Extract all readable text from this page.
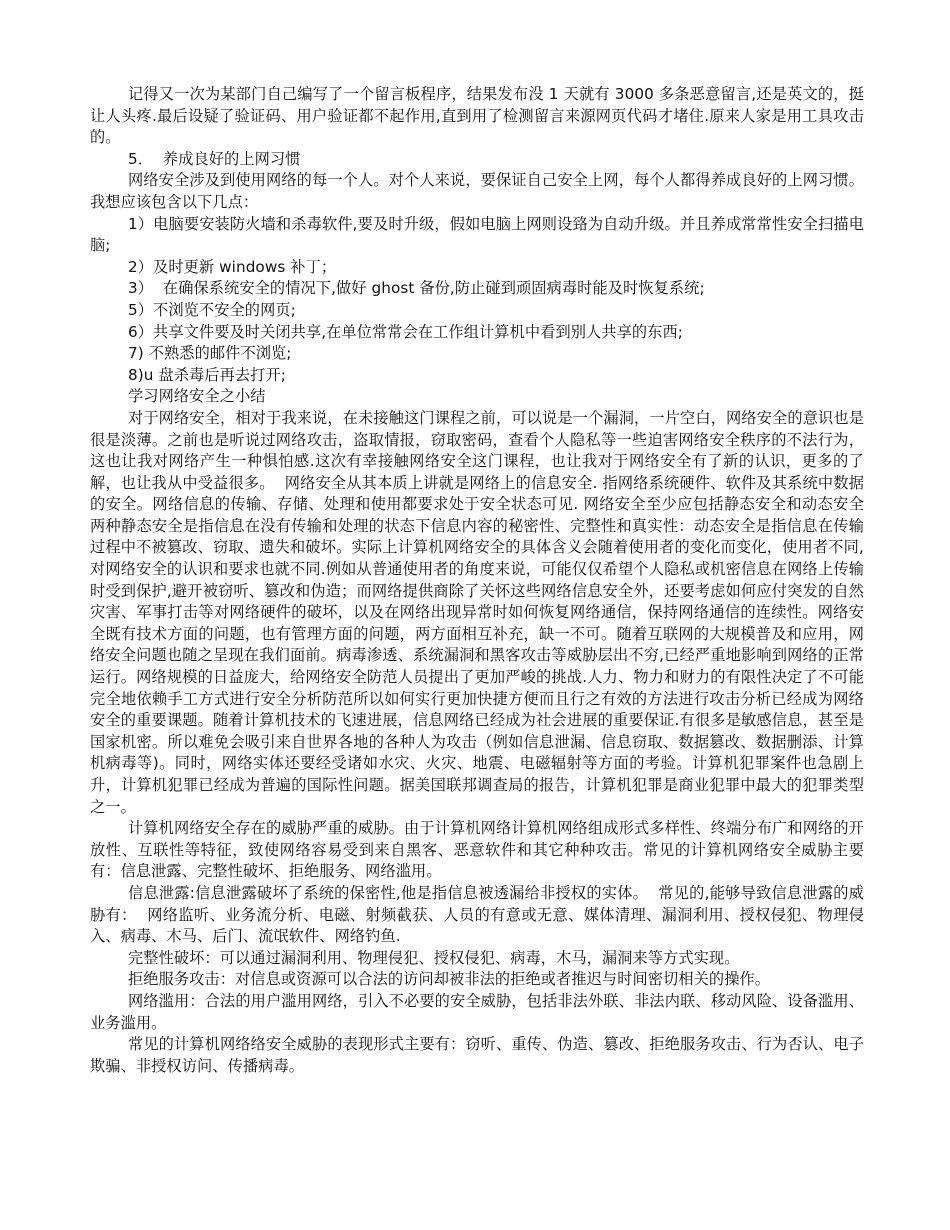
记得又一次为某部门自己编写了一个留言板程序，结果发布没 1 天就有 3000 多条恶意留言,还是英文的，挺让人头疼.最后设疑了验证码、用户验证都不起作用,直到用了检测留言来源网页代码才堵住.原来人家是用工具攻击的。

5．  养成良好的上网习惯

网络安全涉及到使用网络的每一个人。对个人来说，要保证自己安全上网，每个人都得养成良好的上网习惯。我想应该包含以下几点：

1）电脑要安装防火墙和杀毒软件,要及时升级，假如电脑上网则设臵为自动升级。并且养成常常性安全扫描电脑;

2）及时更新 windows 补丁；

3）  在确保系统安全的情况下,做好 ghost 备份,防止碰到顽固病毒时能及时恢复系统;

5）不浏览不安全的网页;

6）共享文件要及时关闭共享,在单位常常会在工作组计算机中看到别人共享的东西;

7) 不熟悉的邮件不浏览;

8)u 盘杀毒后再去打开;

学习网络安全之小结

对于网络安全，相对于我来说，在未接触这门课程之前，可以说是一个漏洞，一片空白，网络安全的意识也是很是淡薄。之前也是听说过网络攻击，盗取情报，窃取密码，查看个人隐私等一些迫害网络安全秩序的不法行为，这也让我对网络产生一种惧怕感.这次有幸接触网络安全这门课程，也让我对于网络安全有了新的认识，更多的了解，也让我从中受益很多。  网络安全从其本质上讲就是网络上的信息安全. 指网络系统硬件、软件及其系统中数据的安全。网络信息的传输、存储、处理和使用都要求处于安全状态可见. 网络安全至少应包括静态安全和动态安全两种静态安全是指信息在没有传输和处理的状态下信息内容的秘密性、完整性和真实性：动态安全是指信息在传输过程中不被篡改、窃取、遗失和破坏。实际上计算机网络安全的具体含义会随着使用者的变化而变化，使用者不同,对网络安全的认识和要求也就不同.例如从普通使用者的角度来说，可能仅仅希望个人隐私或机密信息在网络上传输时受到保护,避开被窃听、篡改和伪造；而网络提供商除了关怀这些网络信息安全外，还要考虑如何应付突发的自然灾害、军事打击等对网络硬件的破坏，以及在网络出现异常时如何恢复网络通信，保持网络通信的连续性。网络安全既有技术方面的问题，也有管理方面的问题，两方面相互补充，缺一不可。随着互联网的大规模普及和应用，网络安全问题也随之呈现在我们面前。病毒渗透、系统漏洞和黑客攻击等威胁层出不穷,已经严重地影响到网络的正常运行。网络规模的日益庞大，给网络安全防范人员提出了更加严峻的挑战.人力、物力和财力的有限性决定了不可能完全地依赖手工方式进行安全分析防范所以如何实行更加快捷方便而且行之有效的方法进行攻击分析已经成为网络安全的重要课题。随着计算机技术的飞速进展，信息网络已经成为社会进展的重要保证.有很多是敏感信息，甚至是国家机密。所以难免会吸引来自世界各地的各种人为攻击（例如信息泄漏、信息窃取、数据篡改、数据删添、计算机病毒等)。同时，网络实体还要经受诸如水灾、火灾、地震、电磁辐射等方面的考验。计算机犯罪案件也急剧上升，计算机犯罪已经成为普遍的国际性问题。据美国联邦调查局的报告，计算机犯罪是商业犯罪中最大的犯罪类型之一。

计算机网络安全存在的威胁严重的威胁。由于计算机网络计算机网络组成形式多样性、终端分布广和网络的开放性、互联性等特征，致使网络容易受到来自黑客、恶意软件和其它种种攻击。常见的计算机网络安全威胁主要有：信息泄露、完整性破坏、拒绝服务、网络滥用。

信息泄露:信息泄露破坏了系统的保密性,他是指信息被透漏给非授权的实体。  常见的,能够导致信息泄露的威胁有：  网络监听、业务流分析、电磁、射频截获、人员的有意或无意、媒体清理、漏洞利用、授权侵犯、物理侵入、病毒、木马、后门、流氓软件、网络钓鱼.

完整性破坏：可以通过漏洞利用、物理侵犯、授权侵犯、病毒，木马，漏洞来等方式实现。

拒绝服务攻击：对信息或资源可以合法的访问却被非法的拒绝或者推迟与时间密切相关的操作。

网络滥用：合法的用户滥用网络，引入不必要的安全威胁，包括非法外联、非法内联、移动风险、设备滥用、业务滥用。

常见的计算机网络络安全威胁的表现形式主要有：窃听、重传、伪造、篡改、拒绝服务攻击、行为否认、电子欺骗、非授权访问、传播病毒。
